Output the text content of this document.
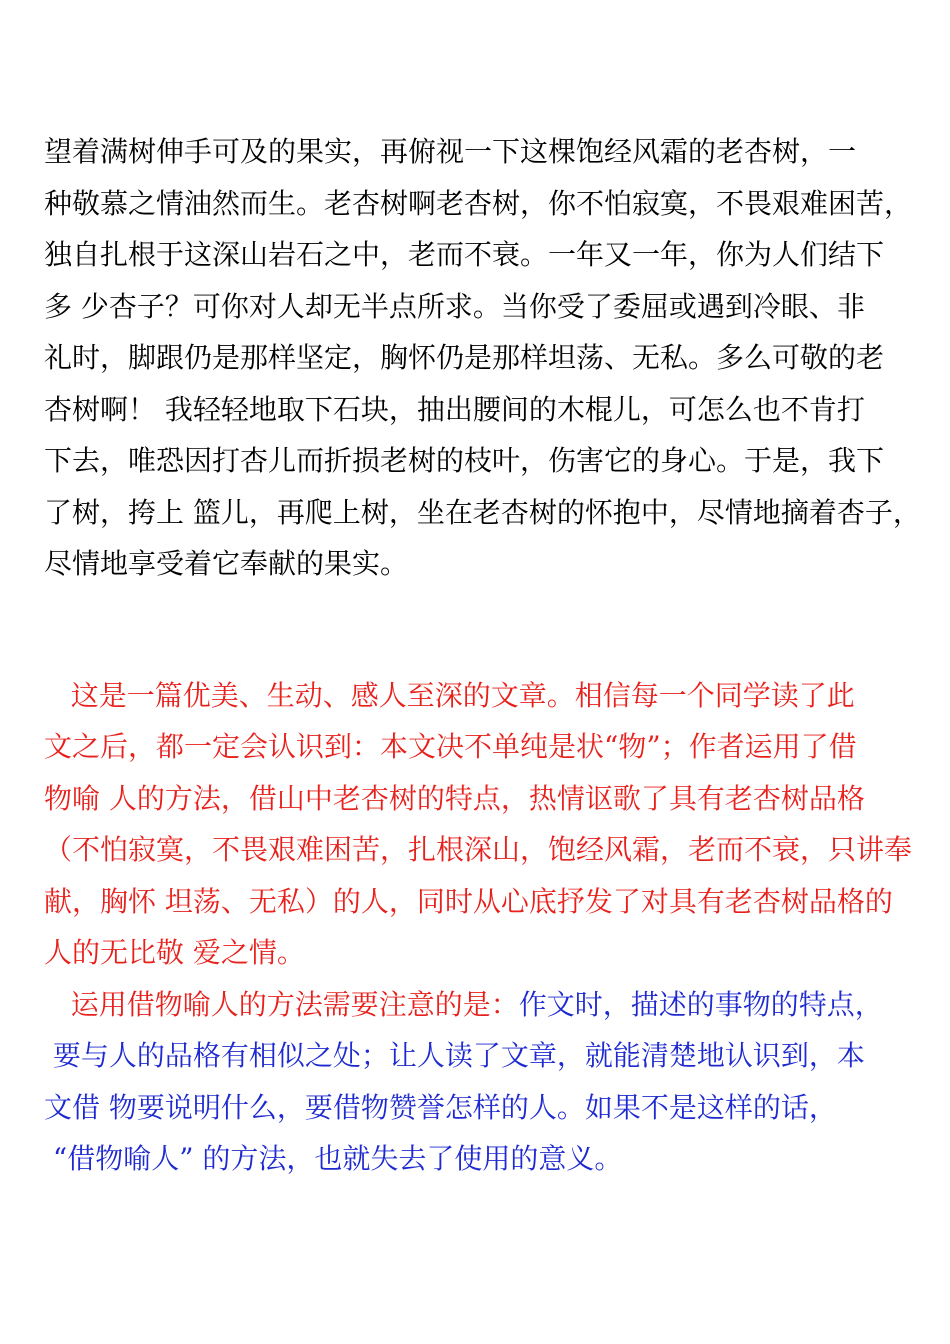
望着满树伸手可及的果实，再俯视一下这棵饱经风霜的老杏树，一
种敬慕之情油然而生。老杏树啊老杏树，你不怕寂寞，不畏艰难困苦，
独自扎根于这深山岩石之中，老而不衰。一年又一年，你为人们结下
多 少杏子？可你对人却无半点所求。当你受了委屈或遇到冷眼、非
礼时，脚跟仍是那样坚定，胸怀仍是那样坦荡、无私。多么可敬的老
杏树啊！ 我轻轻地取下石块，抽出腰间的木棍儿，可怎么也不肯打
下去，唯恐因打杏儿而折损老树的枝叶，伤害它的身心。于是，我下
了树，挎上 篮儿，再爬上树，坐在老杏树的怀抱中，尽情地摘着杏子，
尽情地享受着它奉献的果实。
这是一篇优美、生动、感人至深的文章。相信每一个同学读了此
文之后，都一定会认识到：本文决不单纯是状“物”；作者运用了借
物喻 人的方法，借山中老杏树的特点，热情讴歌了具有老杏树品格
（不怕寂寞，不畏艰难困苦，扎根深山，饱经风霜，老而不衰，只讲奉
献，胸怀 坦荡、无私）的人，同时从心底抒发了对具有老杏树品格的
人的无比敬 爱之情。
运用借物喻人的方法需要注意的是：作文时，描述的事物的特点，
要与人的品格有相似之处；让人读了文章，就能清楚地认识到，本
文借 物要说明什么，要借物赞誉怎样的人。如果不是这样的话，
“借物喻人” 的方法，也就失去了使用的意义。
